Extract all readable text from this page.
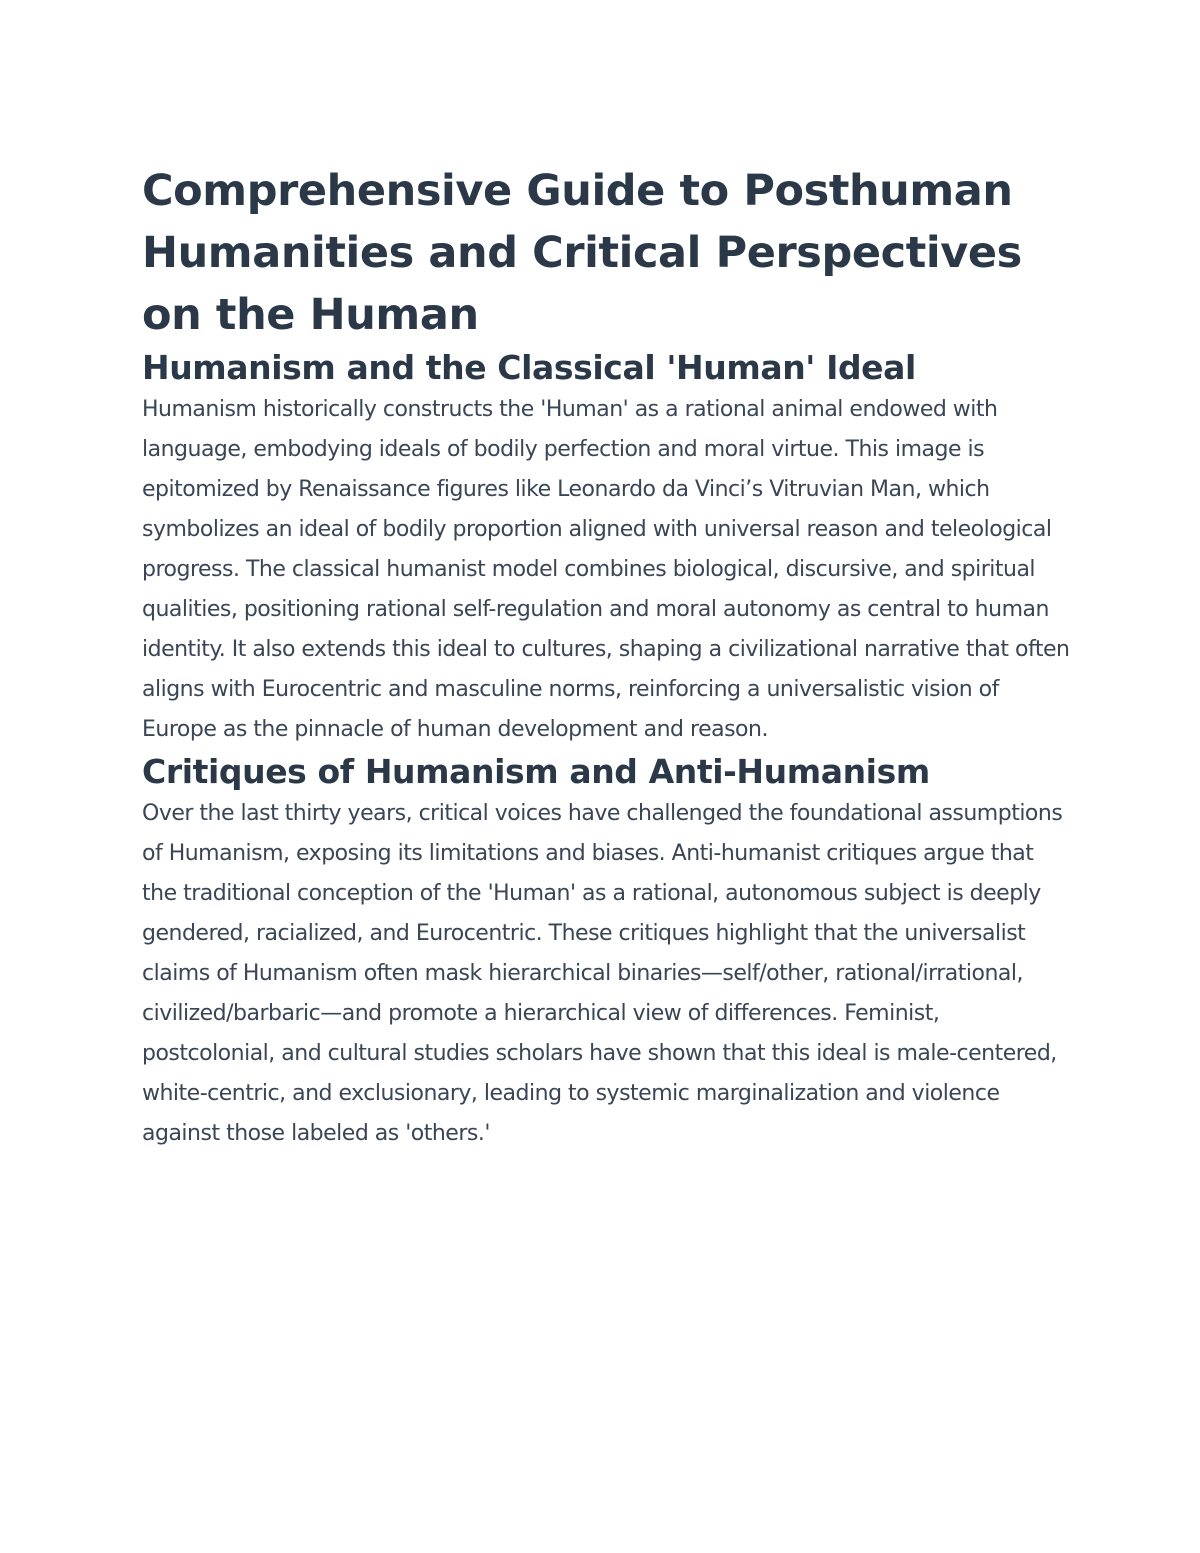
Comprehensive Guide to Posthuman Humanities and Critical Perspectives on the Human
Humanism and the Classical 'Human' Ideal

Humanism historically constructs the 'Human' as a rational animal endowed with language, embodying ideals of bodily perfection and moral virtue. This image is epitomized by Renaissance figures like Leonardo da Vinci’s Vitruvian Man, which symbolizes an ideal of bodily proportion aligned with universal reason and teleological progress. The classical humanist model combines biological, discursive, and spiritual qualities, positioning rational self-regulation and moral autonomy as central to human identity. It also extends this ideal to cultures, shaping a civilizational narrative that often aligns with Eurocentric and masculine norms, reinforcing a universalistic vision of Europe as the pinnacle of human development and reason.

Critiques of Humanism and Anti-Humanism

Over the last thirty years, critical voices have challenged the foundational assumptions of Humanism, exposing its limitations and biases. Anti-humanist critiques argue that the traditional conception of the 'Human' as a rational, autonomous subject is deeply gendered, racialized, and Eurocentric. These critiques highlight that the universalist claims of Humanism often mask hierarchical binaries—self/other, rational/irrational, civilized/barbaric—and promote a hierarchical view of differences. Feminist, postcolonial, and cultural studies scholars have shown that this ideal is male-centered, white-centric, and exclusionary, leading to systemic marginalization and violence against those labeled as 'others.'
